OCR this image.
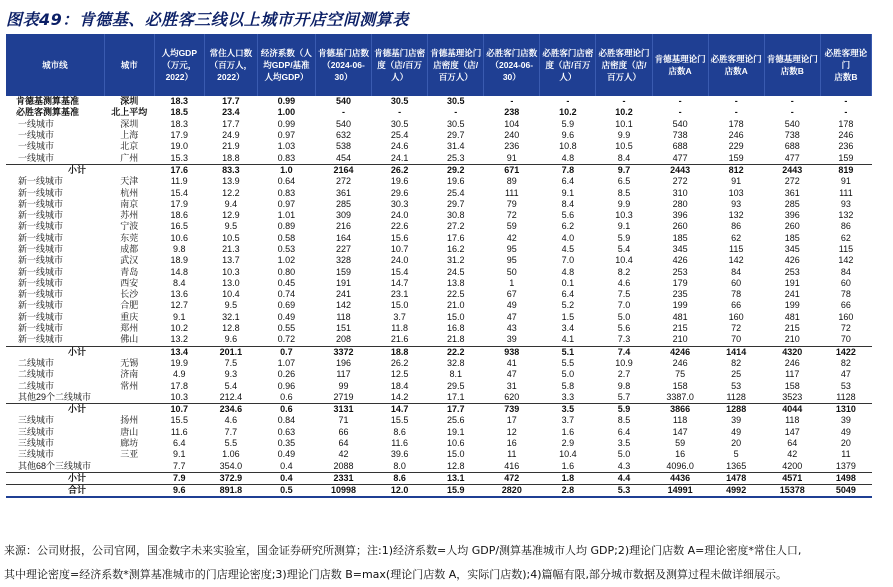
图表49：肯德基、必胜客三线以上城市开店空间测算表
城市线	城市	人均GDP
（万元，
2022）	常住人口数
（百万人，
2022）	经济系数（人
均GDP/基准
人均GDP）	肯德基门店数
（2024-06-
30）	肯德基门店密
度（店/百万
人）	肯德基理论门
店密度（店/
百万人）	必胜客门店数
（2024-06-
30）	必胜客门店密
度（店/百万
人）	必胜客理论门
店密度（店/
百万人）	肯德基理论门
店数A	必胜客理论门
店数A	肯德基理论门
店数B	必胜客理论门
店数B
肯德基测算基准	深圳	18.3	17.7	0.99	540	30.5	30.5	-	-	-	-	-	-	-
必胜客测算基准	北上平均	18.5	23.4	1.00	-	-	-	238	10.2	10.2	-	-	-	-
一线城市	深圳	18.3	17.7	0.99	540	30.5	30.5	104	5.9	10.1	540	178	540	178
一线城市	上海	17.9	24.9	0.97	632	25.4	29.7	240	9.6	9.9	738	246	738	246
一线城市	北京	19.0	21.9	1.03	538	24.6	31.4	236	10.8	10.5	688	229	688	236
一线城市	广州	15.3	18.8	0.83	454	24.1	25.3	91	4.8	8.4	477	159	477	159
小计		17.6	83.3	1.0	2164	26.2	29.2	671	7.8	9.7	2443	812	2443	819
新一线城市	天津	11.9	13.9	0.64	272	19.6	19.6	89	6.4	6.5	272	91	272	91
新一线城市	杭州	15.4	12.2	0.83	361	29.6	25.4	111	9.1	8.5	310	103	361	111
新一线城市	南京	17.9	9.4	0.97	285	30.3	29.7	79	8.4	9.9	280	93	285	93
新一线城市	苏州	18.6	12.9	1.01	309	24.0	30.8	72	5.6	10.3	396	132	396	132
新一线城市	宁波	16.5	9.5	0.89	216	22.6	27.2	59	6.2	9.1	260	86	260	86
新一线城市	东莞	10.6	10.5	0.58	164	15.6	17.6	42	4.0	5.9	185	62	185	62
新一线城市	成都	9.8	21.3	0.53	227	10.7	16.2	95	4.5	5.4	345	115	345	115
新一线城市	武汉	18.9	13.7	1.02	328	24.0	31.2	95	7.0	10.4	426	142	426	142
新一线城市	青岛	14.8	10.3	0.80	159	15.4	24.5	50	4.8	8.2	253	84	253	84
新一线城市	西安	8.4	13.0	0.45	191	14.7	13.8	1	0.1	4.6	179	60	191	60
新一线城市	长沙	13.6	10.4	0.74	241	23.1	22.5	67	6.4	7.5	235	78	241	78
新一线城市	合肥	12.7	9.5	0.69	142	15.0	21.0	49	5.2	7.0	199	66	199	66
新一线城市	重庆	9.1	32.1	0.49	118	3.7	15.0	47	1.5	5.0	481	160	481	160
新一线城市	郑州	10.2	12.8	0.55	151	11.8	16.8	43	3.4	5.6	215	72	215	72
新一线城市	佛山	13.2	9.6	0.72	208	21.6	21.8	39	4.1	7.3	210	70	210	70
小计		13.4	201.1	0.7	3372	18.8	22.2	938	5.1	7.4	4246	1414	4320	1422
二线城市	无锡	19.9	7.5	1.07	196	26.2	32.8	41	5.5	10.9	246	82	246	82
二线城市	济南	4.9	9.3	0.26	117	12.5	8.1	47	5.0	2.7	75	25	117	47
二线城市	常州	17.8	5.4	0.96	99	18.4	29.5	31	5.8	9.8	158	53	158	53
其他29个二线城市		10.3	212.4	0.6	2719	14.2	17.1	620	3.3	5.7	3387.0	1128	3523	1128
小计		10.7	234.6	0.6	3131	14.7	17.7	739	3.5	5.9	3866	1288	4044	1310
三线城市	扬州	15.5	4.6	0.84	71	15.5	25.6	17	3.7	8.5	118	39	118	39
三线城市	唐山	11.6	7.7	0.63	66	8.6	19.1	12	1.6	6.4	147	49	147	49
三线城市	廊坊	6.4	5.5	0.35	64	11.6	10.6	16	2.9	3.5	59	20	64	20
三线城市	三亚	9.1	1.06	0.49	42	39.6	15.0	11	10.4	5.0	16	5	42	11
其他68个三线城市		7.7	354.0	0.4	2088	8.0	12.8	416	1.6	4.3	4096.0	1365	4200	1379
小计		7.9	372.9	0.4	2331	8.6	13.1	472	1.8	4.4	4436	1478	4571	1498
合计		9.6	891.8	0.5	10998	12.0	15.9	2820	2.8	5.3	14991	4992	15378	5049
来源：公司财报，公司官网，国金数字未来实验室，国金证券研究所测算；注:1)经济系数=人均 GDP/测算基准城市人均 GDP;2)理论门店数 A=理论密度*常住人口,
其中理论密度=经济系数*测算基准城市的门店理论密度;3)理论门店数 B=max(理论门店数 A，实际门店数);4)篇幅有限,部分城市数据及测算过程未做详细展示。
